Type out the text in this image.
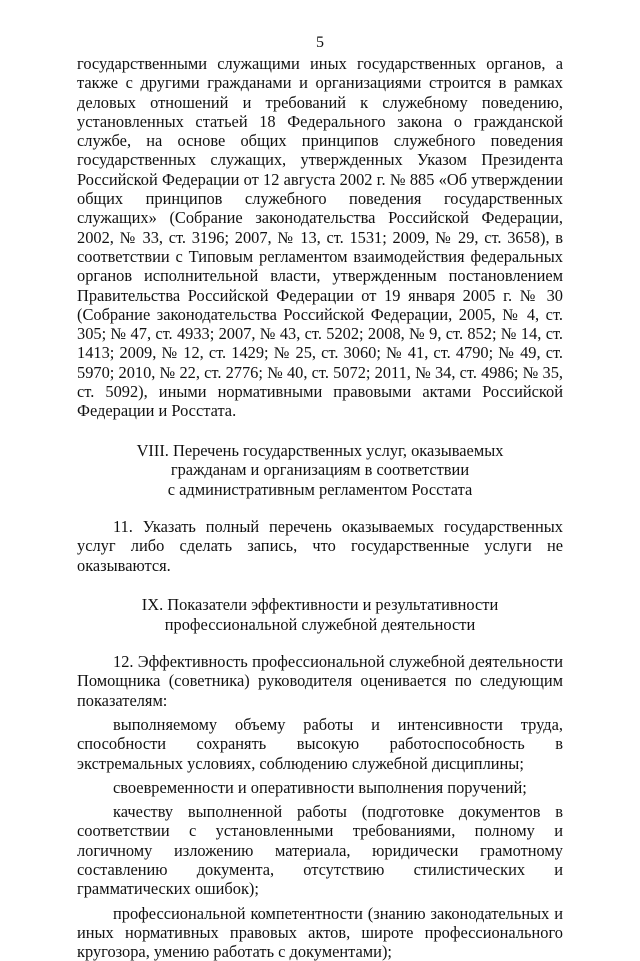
5

государственными служащими иных государственных органов, а также с другими гражданами и организациями строится в рамках деловых отношений и требований к служебному поведению, установленных статьей 18 Федерального закона о гражданской службе, на основе общих принципов служебного поведения государственных служащих, утвержденных Указом Президента Российской Федерации от 12 августа 2002 г. № 885 «Об утверждении общих принципов служебного поведения государственных служащих» (Собрание законодательства Российской Федерации, 2002, № 33, ст. 3196; 2007, № 13, ст. 1531; 2009, № 29, ст. 3658), в соответствии с Типовым регламентом взаимодействия федеральных органов исполнительной власти, утвержденным постановлением Правительства Российской Федерации от 19 января 2005 г. № 30 (Собрание законодательства Российской Федерации, 2005, № 4, ст. 305; № 47, ст. 4933; 2007, № 43, ст. 5202; 2008, № 9, ст. 852; № 14, ст. 1413; 2009, № 12, ст. 1429; № 25, ст. 3060; № 41, ст. 4790; № 49, ст. 5970; 2010, № 22, ст. 2776; № 40, ст. 5072; 2011, № 34, ст. 4986; № 35, ст. 5092), иными нормативными правовыми актами Российской Федерации и Росстата.

VIII. Перечень государственных услуг, оказываемых
гражданам и организациям в соответствии
с административным регламентом Росстата

11. Указать полный перечень оказываемых государственных услуг либо сделать запись, что государственные услуги не оказываются.

IX. Показатели эффективности и результативности
профессиональной служебной деятельности

12. Эффективность профессиональной служебной деятельности Помощника (советника) руководителя оценивается по следующим показателям:

выполняемому объему работы и интенсивности труда, способности сохранять высокую работоспособность в экстремальных условиях, соблюдению служебной дисциплины;

своевременности и оперативности выполнения поручений;

качеству выполненной работы (подготовке документов в соответствии с установленными требованиями, полному и логичному изложению материала, юридически грамотному составлению документа, отсутствию стилистических и грамматических ошибок);

профессиональной компетентности (знанию законодательных и иных нормативных правовых актов, широте профессионального кругозора, умению работать с документами);
